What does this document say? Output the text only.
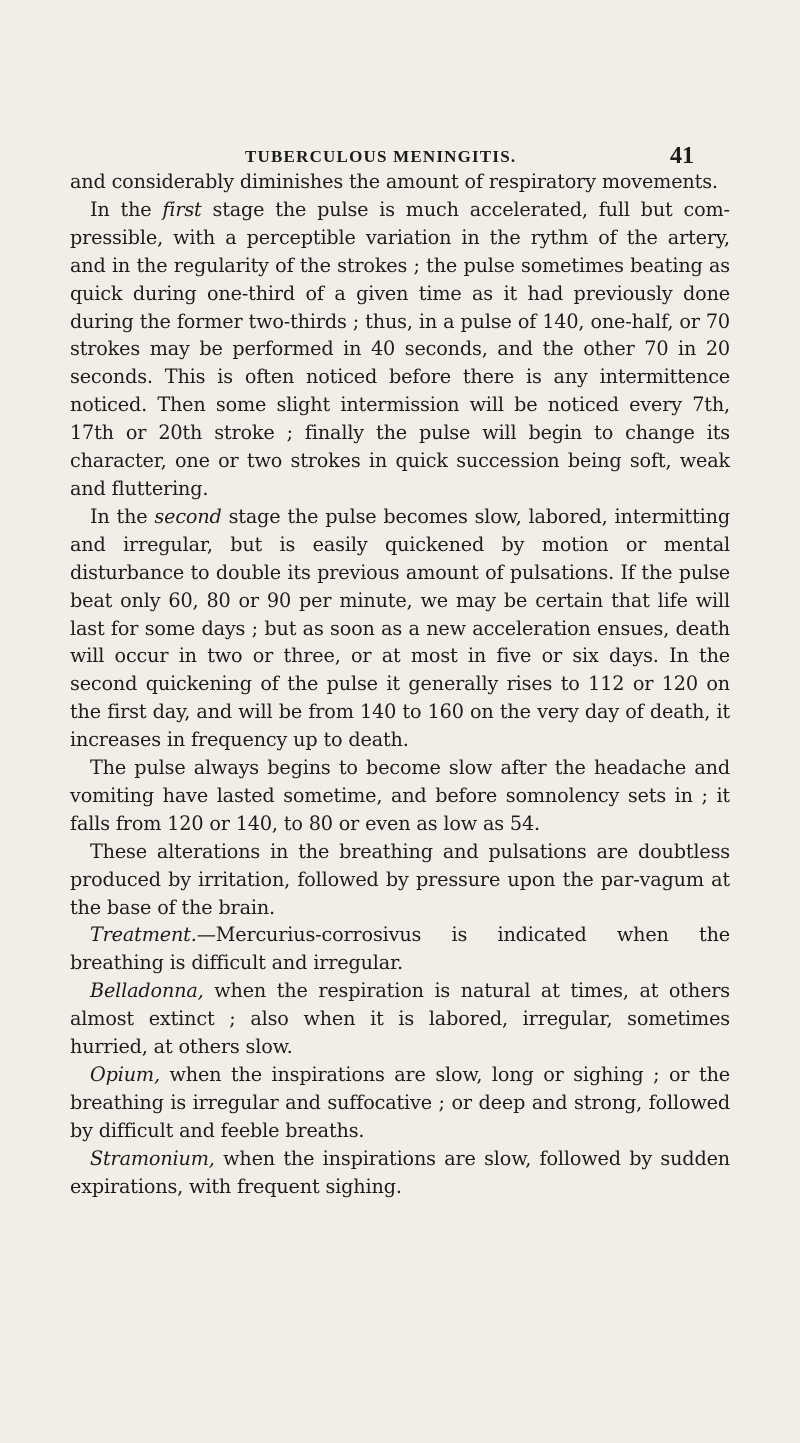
TUBERCULOUS MENINGITIS.	41

and considerably diminishes the amount of respiratory movements.

In the first stage the pulse is much accelerated, full but compressible, with a perceptible variation in the rythm of the artery, and in the regularity of the strokes ; the pulse sometimes beating as quick during one-third of a given time as it had previously done during the former two-thirds ; thus, in a pulse of 140, one-half, or 70 strokes may be performed in 40 seconds, and the other 70 in 20 seconds. This is often noticed before there is any intermittence noticed. Then some slight intermission will be noticed every 7th, 17th or 20th stroke ; finally the pulse will begin to change its character, one or two strokes in quick succession being soft, weak and fluttering.

In the second stage the pulse becomes slow, labored, intermitting and irregular, but is easily quickened by motion or mental disturbance to double its previous amount of pulsations. If the pulse beat only 60, 80 or 90 per minute, we may be certain that life will last for some days ; but as soon as a new acceleration ensues, death will occur in two or three, or at most in five or six days. In the second quickening of the pulse it generally rises to 112 or 120 on the first day, and will be from 140 to 160 on the very day of death, it increases in frequency up to death.

The pulse always begins to become slow after the headache and vomiting have lasted sometime, and before somnolency sets in ; it falls from 120 or 140, to 80 or even as low as 54.

These alterations in the breathing and pulsations are doubtless produced by irritation, followed by pressure upon the par-vagum at the base of the brain.

Treatment.—Mercurius-corrosivus is indicated when the breathing is difficult and irregular.

Belladonna, when the respiration is natural at times, at others almost extinct ; also when it is labored, irregular, sometimes hurried, at others slow.

Opium, when the inspirations are slow, long or sighing ; or the breathing is irregular and suffocative ; or deep and strong, followed by difficult and feeble breaths.

Stramonium, when the inspirations are slow, followed by sudden expirations, with frequent sighing.
